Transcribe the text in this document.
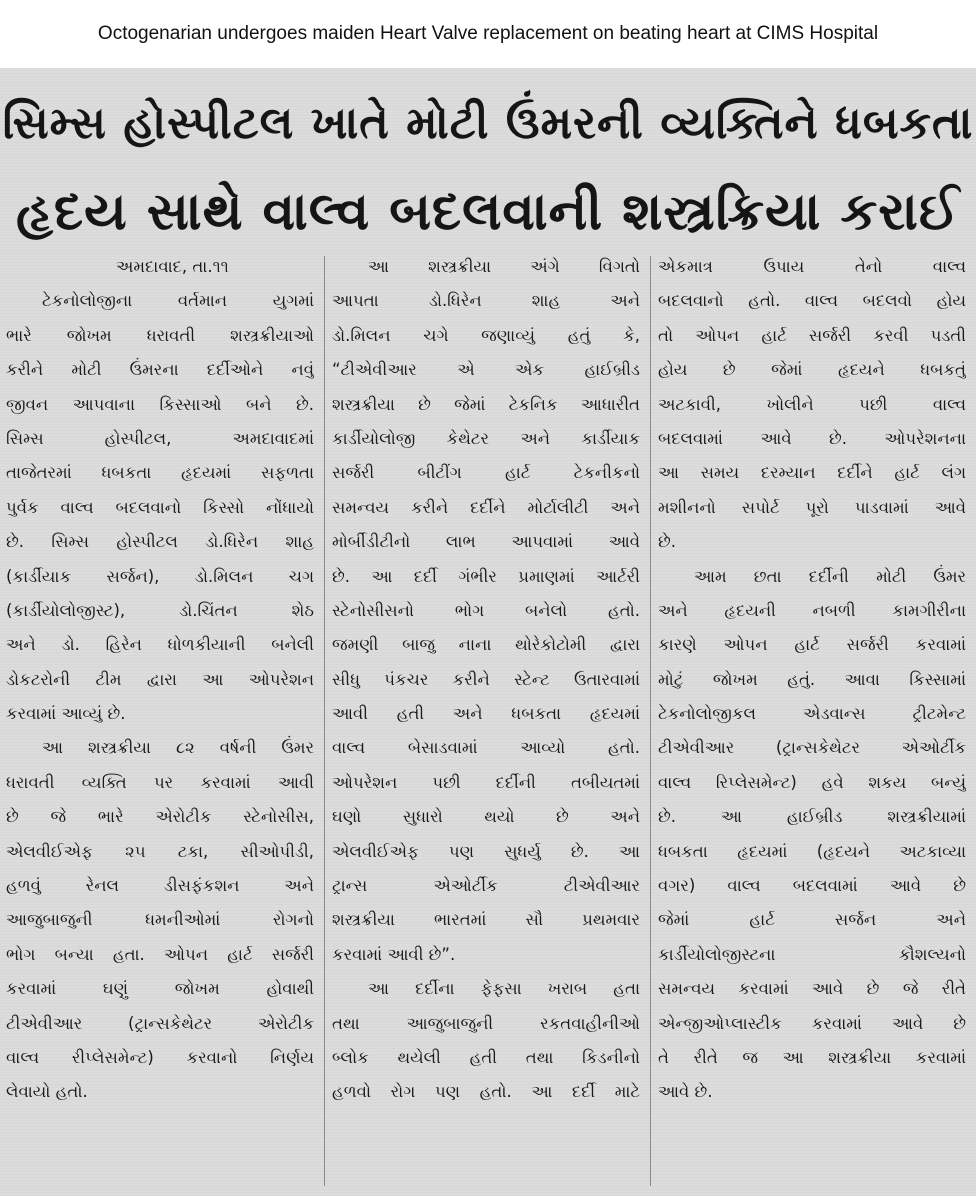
Octogenarian undergoes maiden Heart Valve replacement on beating heart at CIMS Hospital
સિમ્સ હોસ્પીટલ ખાતે મોટી ઉંમરની વ્યક્તિને ધબકતા
હૃદય સાથે વાલ્વ બદલવાની શસ્ત્રક્રિયા કરાઈ
અમદાવાદ, તા.૧૧
ટેકનોલોજીના વર્તમાન યુગમાં
ભારે જોખમ ધરાવતી શસ્ત્રક્રીયાઓ
કરીને મોટી ઉંમરના દર્દીઓને નવું
જીવન આપવાના કિસ્સાઓ બને છે.
સિમ્સ હોસ્પીટલ, અમદાવાદમાં
તાજેતરમાં ધબકતા હૃદયમાં સફળતા
પુર્વક વાલ્વ બદલવાનો કિસ્સો નોંધાયો
છે. સિમ્સ હોસ્પીટલ ડો.ધિરેન શાહ
(કાર્ડીયાક સર્જન), ડો.મિલન ચગ
(કાર્ડીયોલોજીસ્ટ), ડો.ચિંતન શેઠ
અને ડો. હિરેન ધોળકીયાની બનેલી
ડોકટરોની ટીમ દ્વારા આ ઓપરેશન
કરવામાં આવ્યું છે.
આ શસ્ત્રક્રીયા ૮૨ વર્ષની ઉંમર
ધરાવતી વ્યક્તિ પર કરવામાં આવી
છે જે ભારે એરોટીક સ્ટેનોસીસ,
એલવીઈએફ ૨૫ ટકા, સીઓપીડી,
હળવું રેનલ ડીસફંકશન અને
આજુબાજુની ધમનીઓમાં રોગનો
ભોગ બન્યા હતા. ઓપન હાર્ટ સર્જરી
કરવામાં ઘણું જોખમ હોવાથી
ટીએવીઆર (ટ્રાન્સકેથેટર એરોટીક
વાલ્વ રીપ્લેસમેન્ટ) કરવાનો નિર્ણય
લેવાયો હતો.
આ શસ્ત્રક્રીયા અંગે વિગતો
આપતા ડો.ધિરેન શાહ અને
ડો.મિલન ચગે જણાવ્યું હતું કે,
“ટીએવીઆર એ એક હાઈબ્રીડ
શસ્ત્રક્રીયા છે જેમાં ટેકનિક આધારીત
કાર્ડીયોલોજી કેથેટર અને કાર્ડીયાક
સર્જરી બીટીંગ હાર્ટ ટેકનીકનો
સમન્વય કરીને દર્દીને મોર્ટાલીટી અને
મોર્બીડીટીનો લાભ આપવામાં આવે
છે. આ દર્દી ગંભીર પ્રમાણમાં આર્ટરી
સ્ટેનોસીસનો ભોગ બનેલો હતો.
જમણી બાજુ નાના થોરેકોટોમી દ્વારા
સીધુ પંકચર કરીને સ્ટેન્ટ ઉતારવામાં
આવી હતી અને ધબકતા હૃદયમાં
વાલ્વ બેસાડવામાં આવ્યો હતો.
ઓપરેશન પછી દર્દીની તબીયતમાં
ઘણો સુધારો થયો છે અને
એલવીઈએફ પણ સુધર્યુ છે. આ
ટ્રાન્સ એઓર્ટીક ટીએવીઆર
શસ્ત્રક્રીયા ભારતમાં સૌ પ્રથમવાર
કરવામાં આવી છે”.
આ દર્દીના ફેફસા ખરાબ હતા
તથા આજુબાજુની રકતવાહીનીઓ
બ્લોક થયેલી હતી તથા કિડનીનો
હળવો રોગ પણ હતો. આ દર્દી માટે
એકમાત્ર ઉપાય તેનો વાલ્વ
બદલવાનો હતો. વાલ્વ બદલવો હોય
તો ઓપન હાર્ટ સર્જરી કરવી પડતી
હોય છે જેમાં હૃદયને ધબકતું
અટકાવી, ખોલીને પછી વાલ્વ
બદલવામાં આવે છે. ઓપરેશનના
આ સમય દરમ્યાન દર્દીને હાર્ટ લંગ
મશીનનો સપોર્ટ પૂરો પાડવામાં આવે
છે.
આમ છતા દર્દીની મોટી ઉંમર
અને હૃદયની નબળી કામગીરીના
કારણે ઓપન હાર્ટ સર્જરી કરવામાં
મોટું જોખમ હતું. આવા કિસ્સામાં
ટેકનોલોજીકલ એડવાન્સ ટ્રીટમેન્ટ
ટીએવીઆર (ટ્રાન્સકેથેટર એઓર્ટીક
વાલ્વ રિપ્લેસમેન્ટ) હવે શકય બન્યું
છે. આ હાઈબ્રીડ શસ્ત્રક્રીયામાં
ધબકતા હૃદયમાં (હૃદયને અટકાવ્યા
વગર) વાલ્વ બદલવામાં આવે છે
જેમાં હાર્ટ સર્જન અને
કાર્ડીયોલોજીસ્ટના કૌશલ્યનો
સમન્વય કરવામાં આવે છે જે રીતે
એન્જીઓપ્લાસ્ટીક કરવામાં આવે છે
તે રીતે જ આ શસ્ત્રક્રીયા કરવામાં
આવે છે.
